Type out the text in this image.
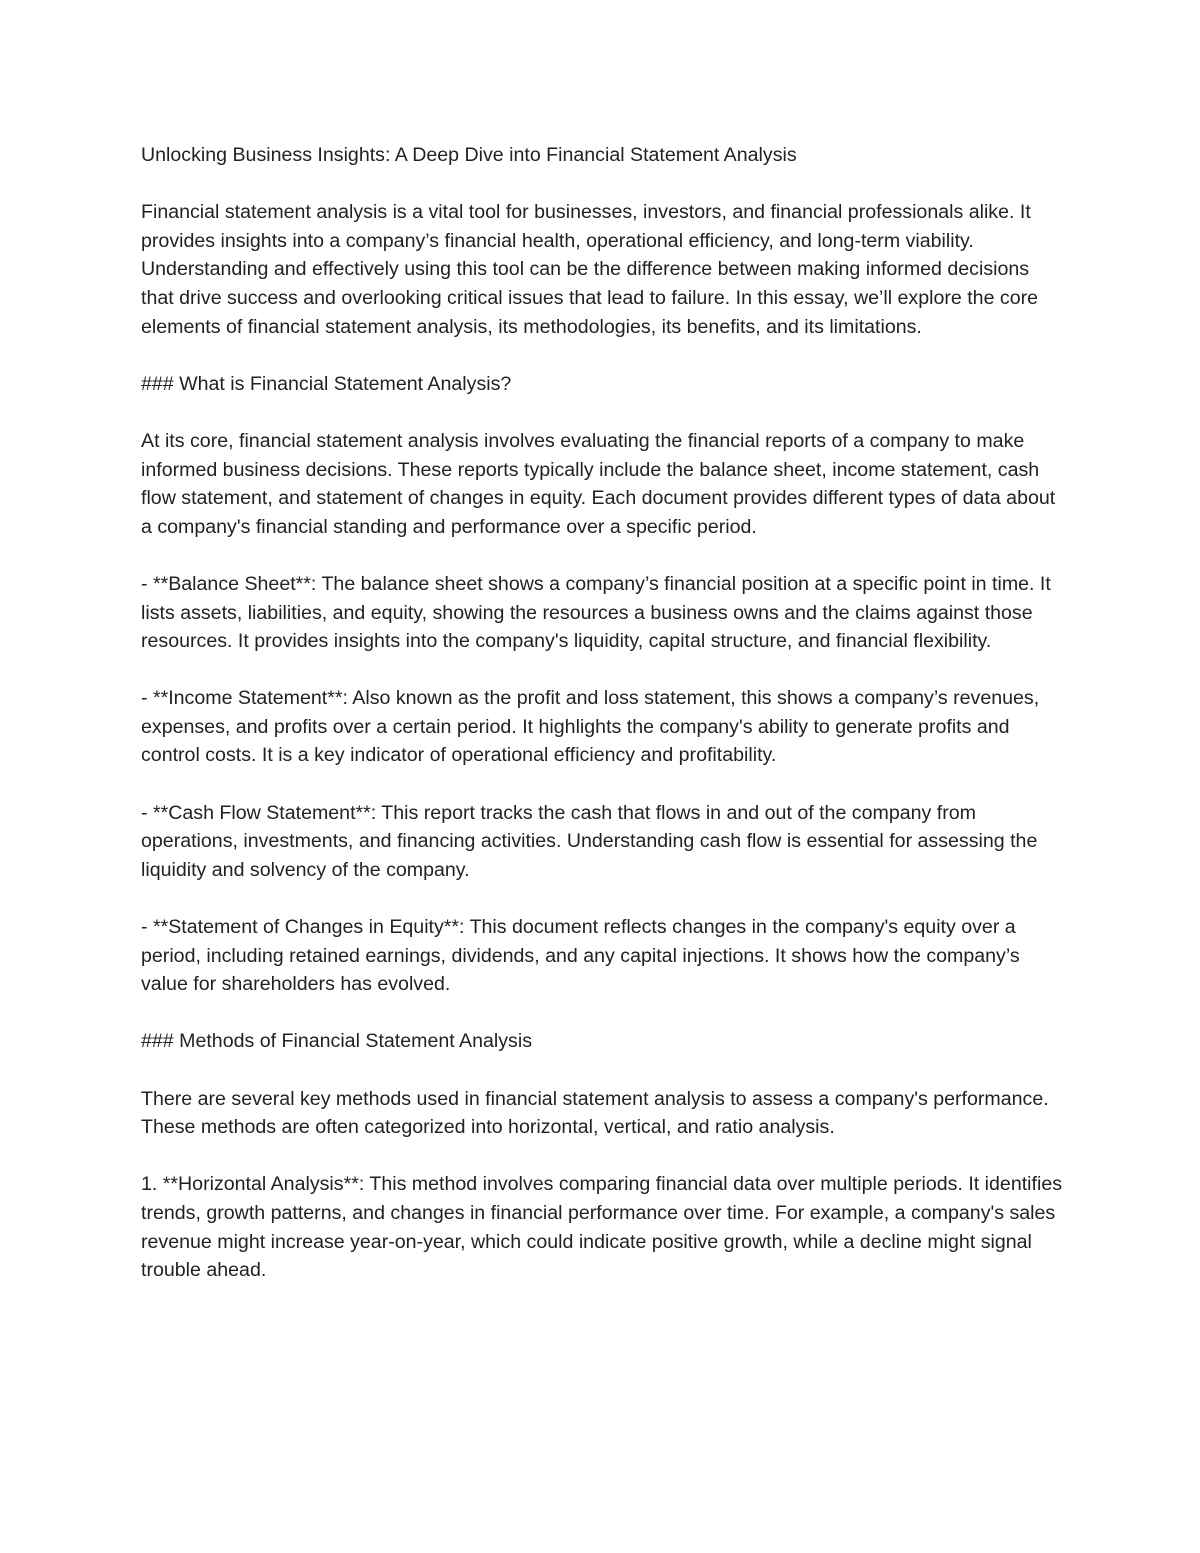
Unlocking Business Insights: A Deep Dive into Financial Statement Analysis

Financial statement analysis is a vital tool for businesses, investors, and financial professionals alike. It provides insights into a company’s financial health, operational efficiency, and long-term viability. Understanding and effectively using this tool can be the difference between making informed decisions that drive success and overlooking critical issues that lead to failure. In this essay, we’ll explore the core elements of financial statement analysis, its methodologies, its benefits, and its limitations.

### What is Financial Statement Analysis?

At its core, financial statement analysis involves evaluating the financial reports of a company to make informed business decisions. These reports typically include the balance sheet, income statement, cash flow statement, and statement of changes in equity. Each document provides different types of data about a company's financial standing and performance over a specific period.

- **Balance Sheet**: The balance sheet shows a company’s financial position at a specific point in time. It lists assets, liabilities, and equity, showing the resources a business owns and the claims against those resources. It provides insights into the company's liquidity, capital structure, and financial flexibility.

- **Income Statement**: Also known as the profit and loss statement, this shows a company’s revenues, expenses, and profits over a certain period. It highlights the company's ability to generate profits and control costs. It is a key indicator of operational efficiency and profitability.

- **Cash Flow Statement**: This report tracks the cash that flows in and out of the company from operations, investments, and financing activities. Understanding cash flow is essential for assessing the liquidity and solvency of the company.

- **Statement of Changes in Equity**: This document reflects changes in the company's equity over a period, including retained earnings, dividends, and any capital injections. It shows how the company’s value for shareholders has evolved.

### Methods of Financial Statement Analysis

There are several key methods used in financial statement analysis to assess a company's performance. These methods are often categorized into horizontal, vertical, and ratio analysis.

1. **Horizontal Analysis**: This method involves comparing financial data over multiple periods. It identifies trends, growth patterns, and changes in financial performance over time. For example, a company's sales revenue might increase year-on-year, which could indicate positive growth, while a decline might signal trouble ahead.
